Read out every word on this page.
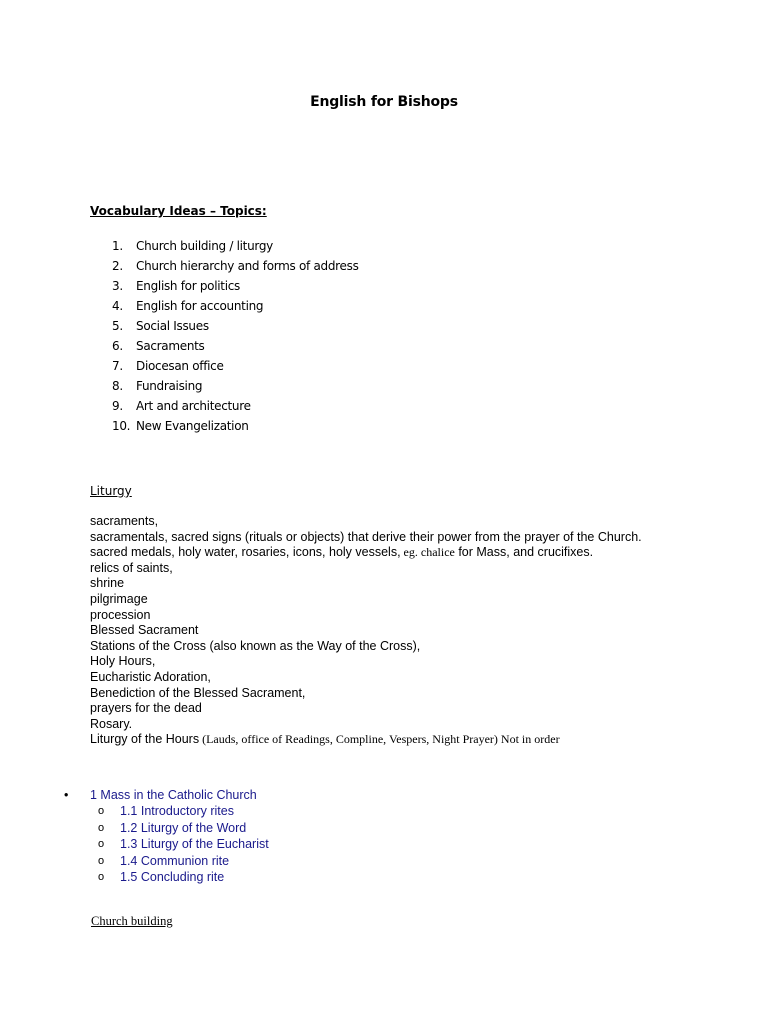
English for Bishops
Vocabulary Ideas – Topics:
1. Church building / liturgy
2. Church hierarchy and forms of address
3. English for politics
4. English for accounting
5. Social Issues
6. Sacraments
7. Diocesan office
8. Fundraising
9. Art and architecture
10. New Evangelization
Liturgy
sacraments,
sacramentals, sacred signs (rituals or objects) that derive their power from the prayer of the Church.
sacred medals, holy water, rosaries, icons, holy vessels, eg. chalice for Mass, and crucifixes.
relics of saints,
shrine
pilgrimage
procession
Blessed Sacrament
Stations of the Cross (also known as the Way of the Cross),
Holy Hours,
Eucharistic Adoration,
Benediction of the Blessed Sacrament,
prayers for the dead
Rosary.
Liturgy of the Hours (Lauds, office of Readings, Compline, Vespers, Night Prayer) Not in order
• 1 Mass in the Catholic Church
o 1.1 Introductory rites
o 1.2 Liturgy of the Word
o 1.3 Liturgy of the Eucharist
o 1.4 Communion rite
o 1.5 Concluding rite
Church building
